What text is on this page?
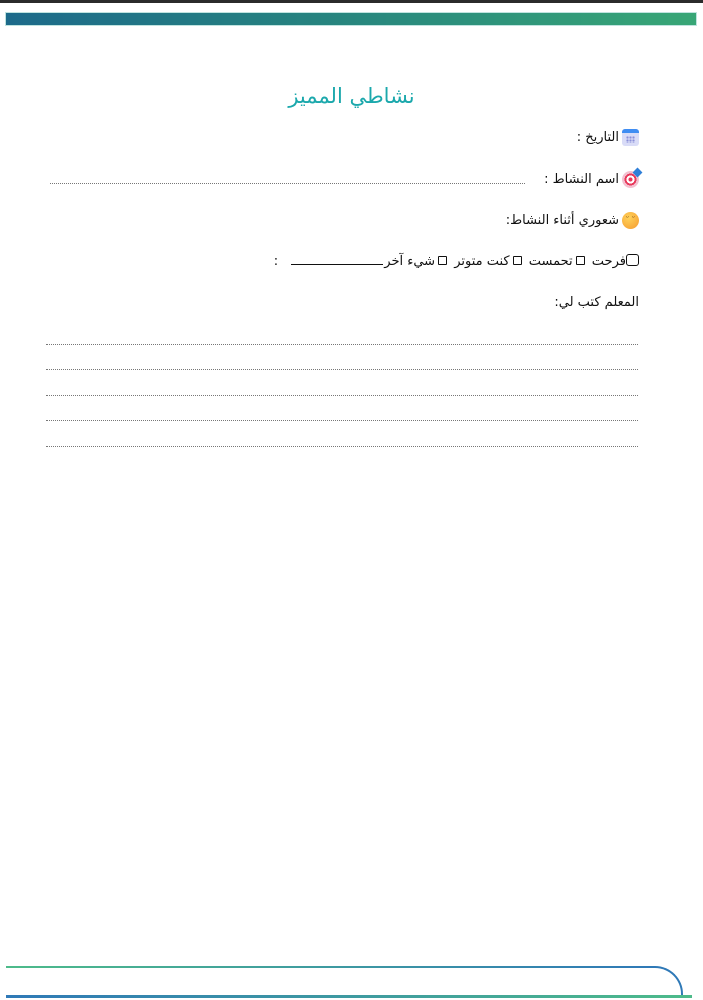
نشاطي المميز
التاريخ :
اسم النشاط :
ᵕ ᵕ
شعوري أثناء النشاط:
فرحت تحمست كنت متوتر شيء آخر :
المعلم كتب لي:
